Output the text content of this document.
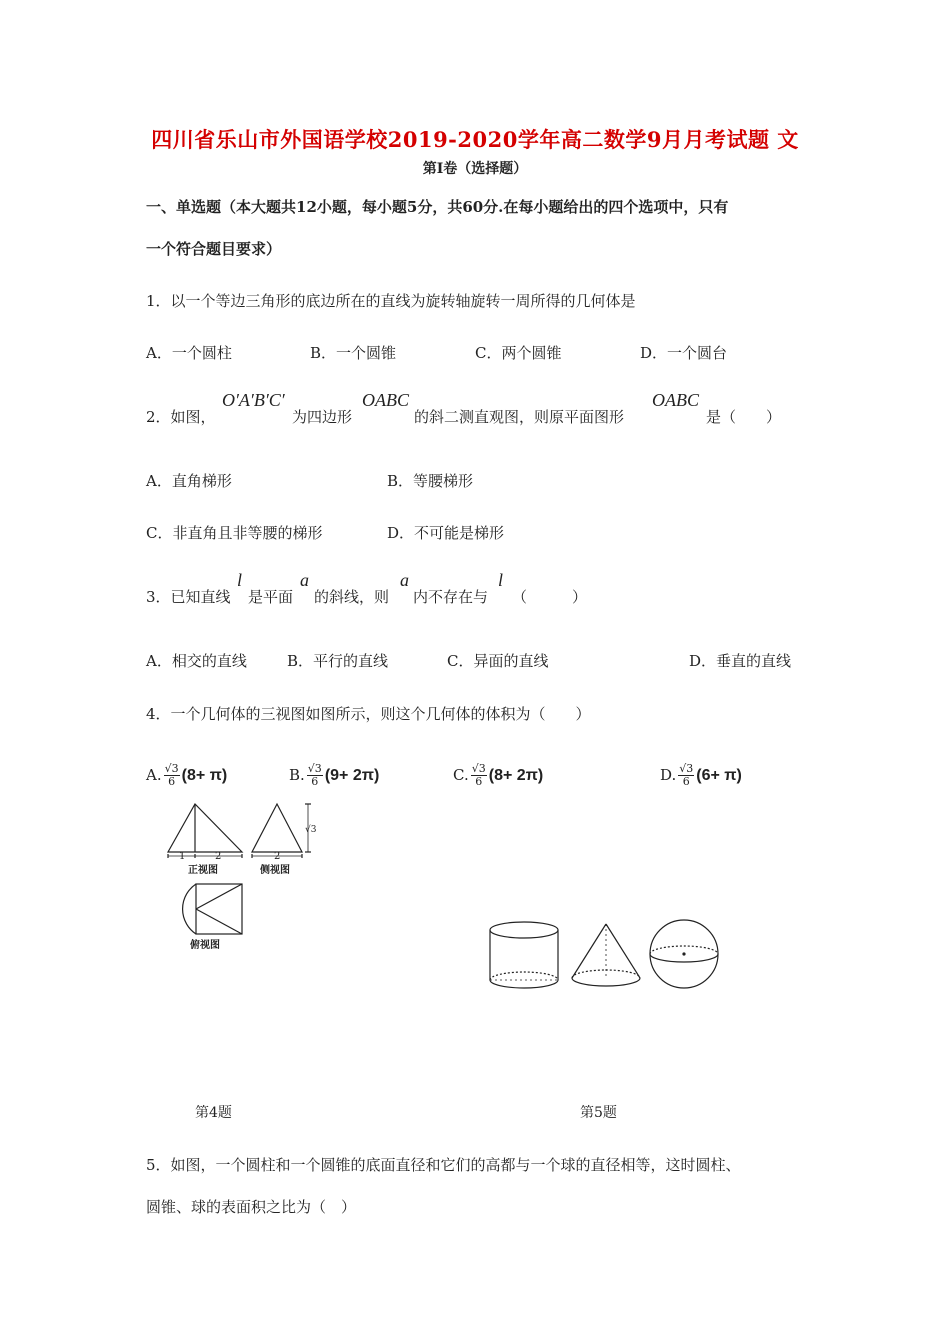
四川省乐山市外国语学校2019-2020学年高二数学9月月考试题 文
第Ⅰ卷（选择题）
一、单选题（本大题共12小题，每小题5分，共60分.在每小题给出的四个选项中，只有
一个符合题目要求）
1．以一个等边三角形的底边所在的直线为旋转轴旋转一周所得的几何体是
A．一个圆柱	B．一个圆锥	C．两个圆锥	D．一个圆台
2．如图，
O′A′B′C′
为四边形
OABC
的斜二测直观图，则原平面图形
OABC
是（　　）
A．直角梯形	B．等腰梯形
C．非直角且非等腰的梯形	D．不可能是梯形
3．已知直线
l
是平面
a
的斜线，则
a
内不存在与
l
（　　　）
A．相交的直线	B．平行的直线	C．异面的直线	D．垂直的直线
4．一个几何体的三视图如图所示，则这个几何体的体积为（　　）
A. $\frac{√3}{6} (8+ \pi)$	B. $\frac{√3}{6} (9+ 2\pi)$	C. $\frac{√3}{6} (8+ 2\pi)$	D. $\frac{√3}{6} (6+ \pi)$
1	2
正视图
2
√3
侧视图
俯视图
第4题	第5题
5．如图，一个圆柱和一个圆锥的底面直径和它们的高都与一个球的直径相等，这时圆柱、
圆锥、球的表面积之比为（　）
